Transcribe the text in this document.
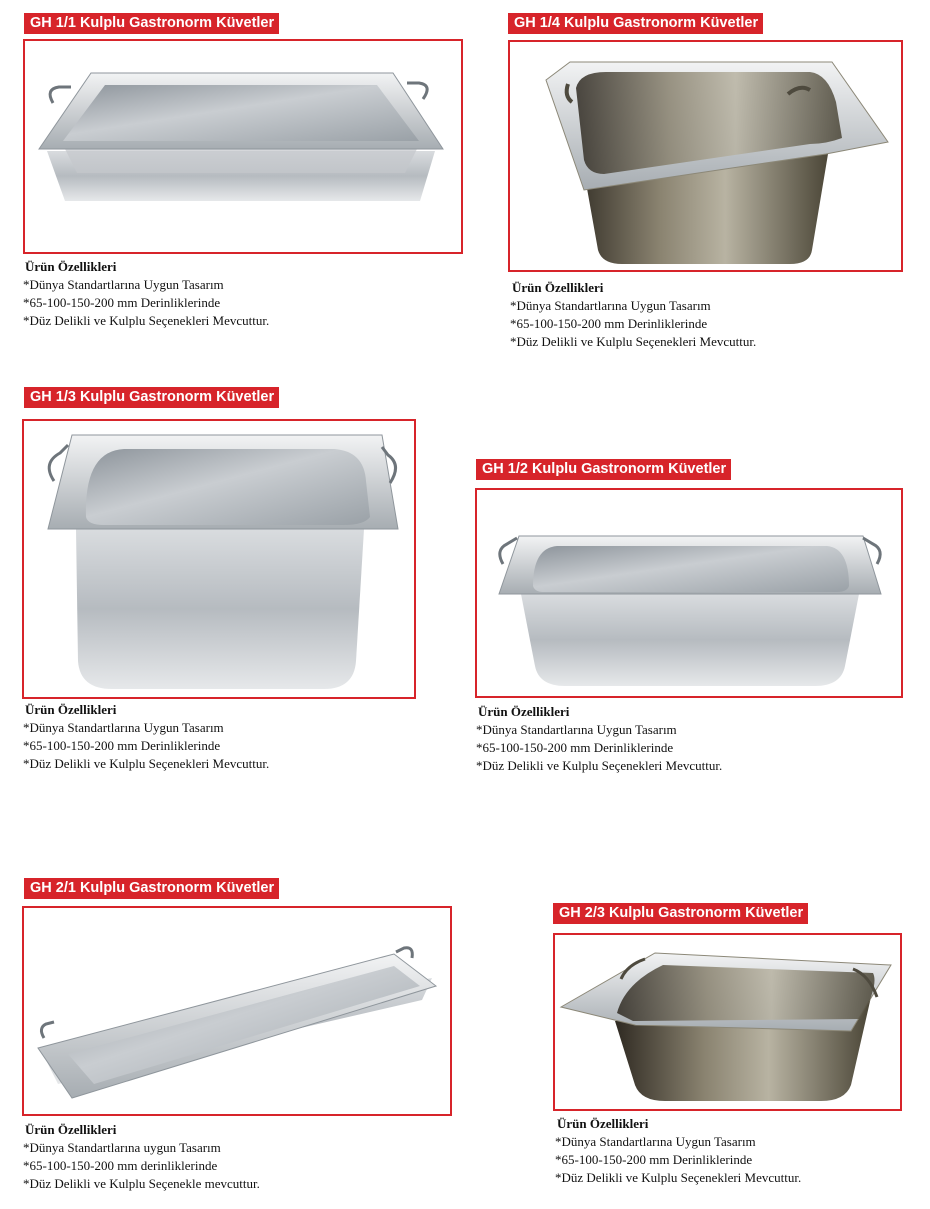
GH 1/1 Kulplu Gastronorm Küvetler
Ürün Özellikleri
*Dünya Standartlarına Uygun Tasarım
*65-100-150-200 mm Derinliklerinde
*Düz Delikli ve Kulplu Seçenekleri Mevcuttur.
GH 1/4 Kulplu Gastronorm Küvetler
Ürün Özellikleri
*Dünya Standartlarına Uygun Tasarım
*65-100-150-200 mm Derinliklerinde
*Düz Delikli ve Kulplu Seçenekleri Mevcuttur.
GH 1/3 Kulplu Gastronorm Küvetler
Ürün Özellikleri
*Dünya Standartlarına Uygun Tasarım
*65-100-150-200 mm Derinliklerinde
*Düz Delikli ve Kulplu Seçenekleri Mevcuttur.
GH 1/2 Kulplu Gastronorm Küvetler
Ürün Özellikleri
*Dünya Standartlarına Uygun Tasarım
*65-100-150-200 mm Derinliklerinde
*Düz Delikli ve Kulplu Seçenekleri Mevcuttur.
GH 2/1 Kulplu Gastronorm Küvetler
Ürün Özellikleri
*Dünya Standartlarına uygun Tasarım
*65-100-150-200 mm derinliklerinde
*Düz Delikli ve Kulplu Seçenekle mevcuttur.
GH 2/3 Kulplu Gastronorm Küvetler
Ürün Özellikleri
*Dünya Standartlarına Uygun Tasarım
*65-100-150-200 mm Derinliklerinde
*Düz Delikli ve Kulplu Seçenekleri Mevcuttur.
